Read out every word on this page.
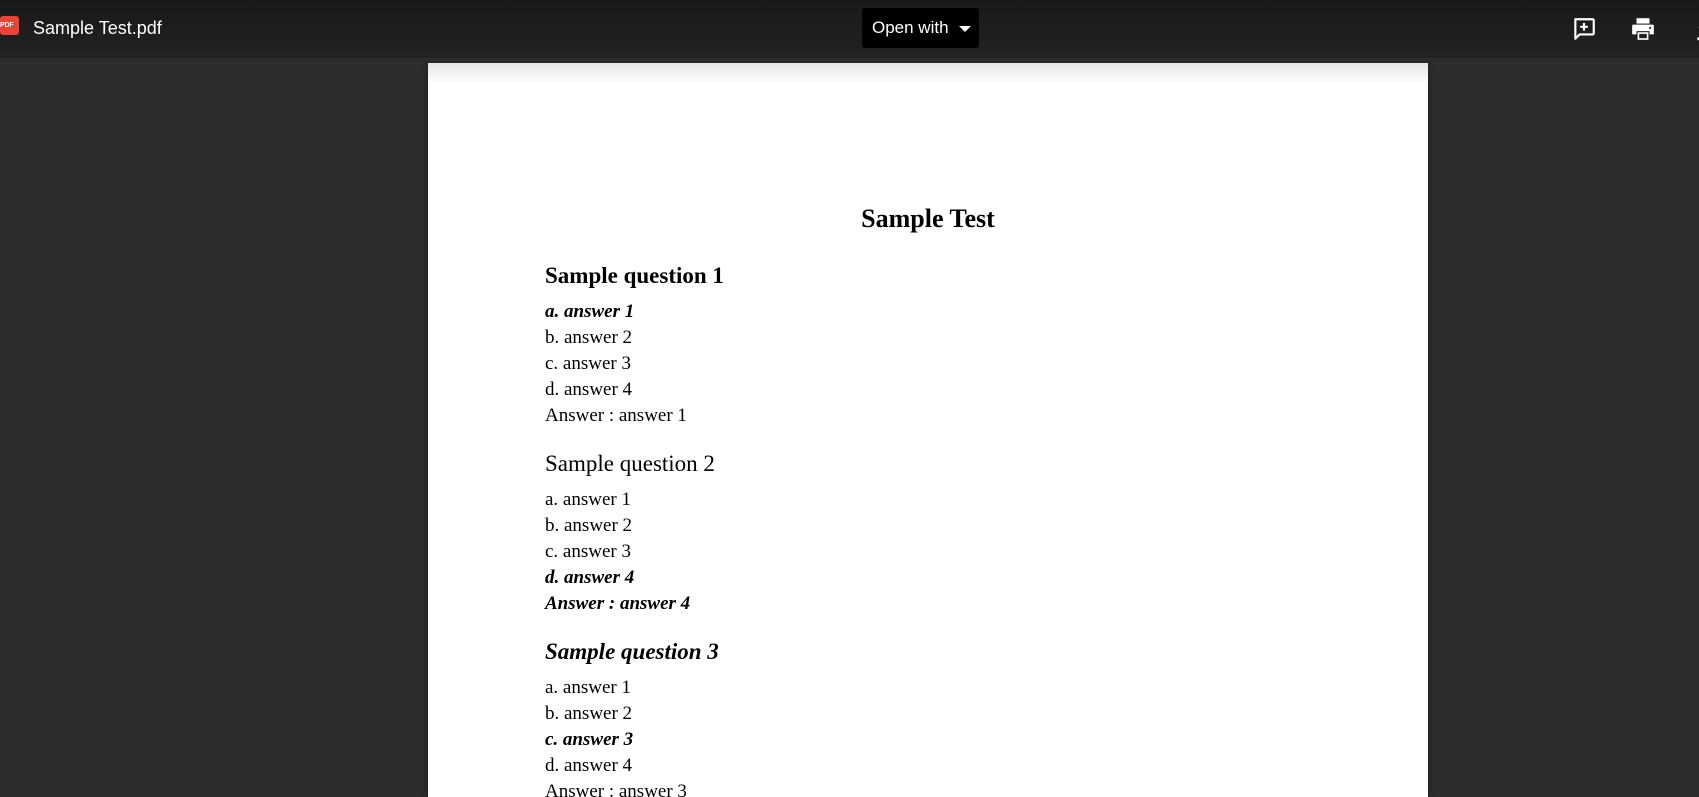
PDF	Sample Test.pdf	Open with
Sample Test
Sample question 1
a. answer 1
b. answer 2
c. answer 3
d. answer 4
Answer : answer 1
Sample question 2
a. answer 1
b. answer 2
c. answer 3
d. answer 4
Answer : answer 4
Sample question 3
a. answer 1
b. answer 2
c. answer 3
d. answer 4
Answer : answer 3
